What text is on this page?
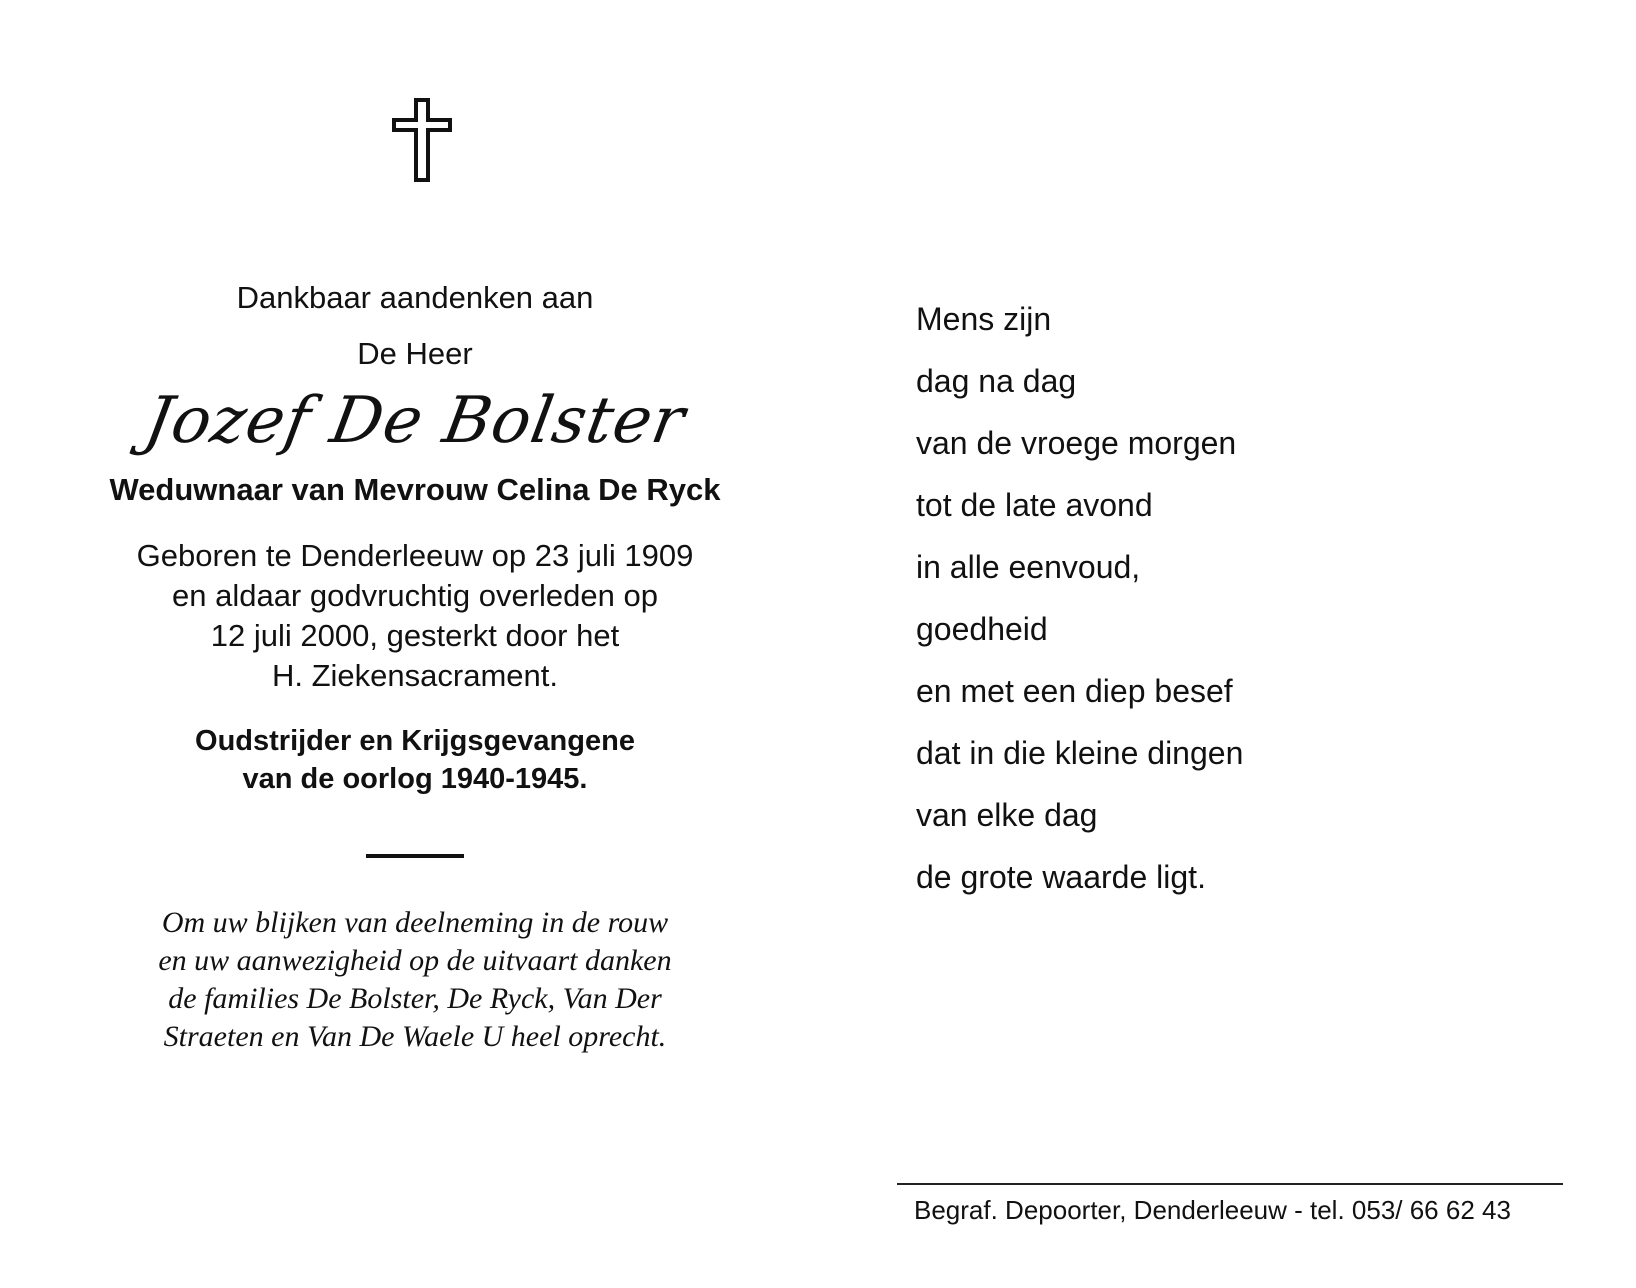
Dankbaar aandenken aan

De Heer

Jozef De Bolster

Weduwnaar van Mevrouw Celina De Ryck

Geboren te Denderleeuw op 23 juli 1909
en aldaar godvruchtig overleden op
12 juli 2000, gesterkt door het
H. Ziekensacrament.

Oudstrijder en Krijgsgevangene
van de oorlog 1940-1945.

Om uw blijken van deelneming in de rouw
en uw aanwezigheid op de uitvaart danken
de families De Bolster, De Ryck, Van Der
Straeten en Van De Waele U heel oprecht.

Mens zijn

dag na dag

van de vroege morgen

tot de late avond

in alle eenvoud,

goedheid

en met een diep besef

dat in die kleine dingen

van elke dag

de grote waarde ligt.

Begraf. Depoorter, Denderleeuw - tel. 053/ 66 62 43
